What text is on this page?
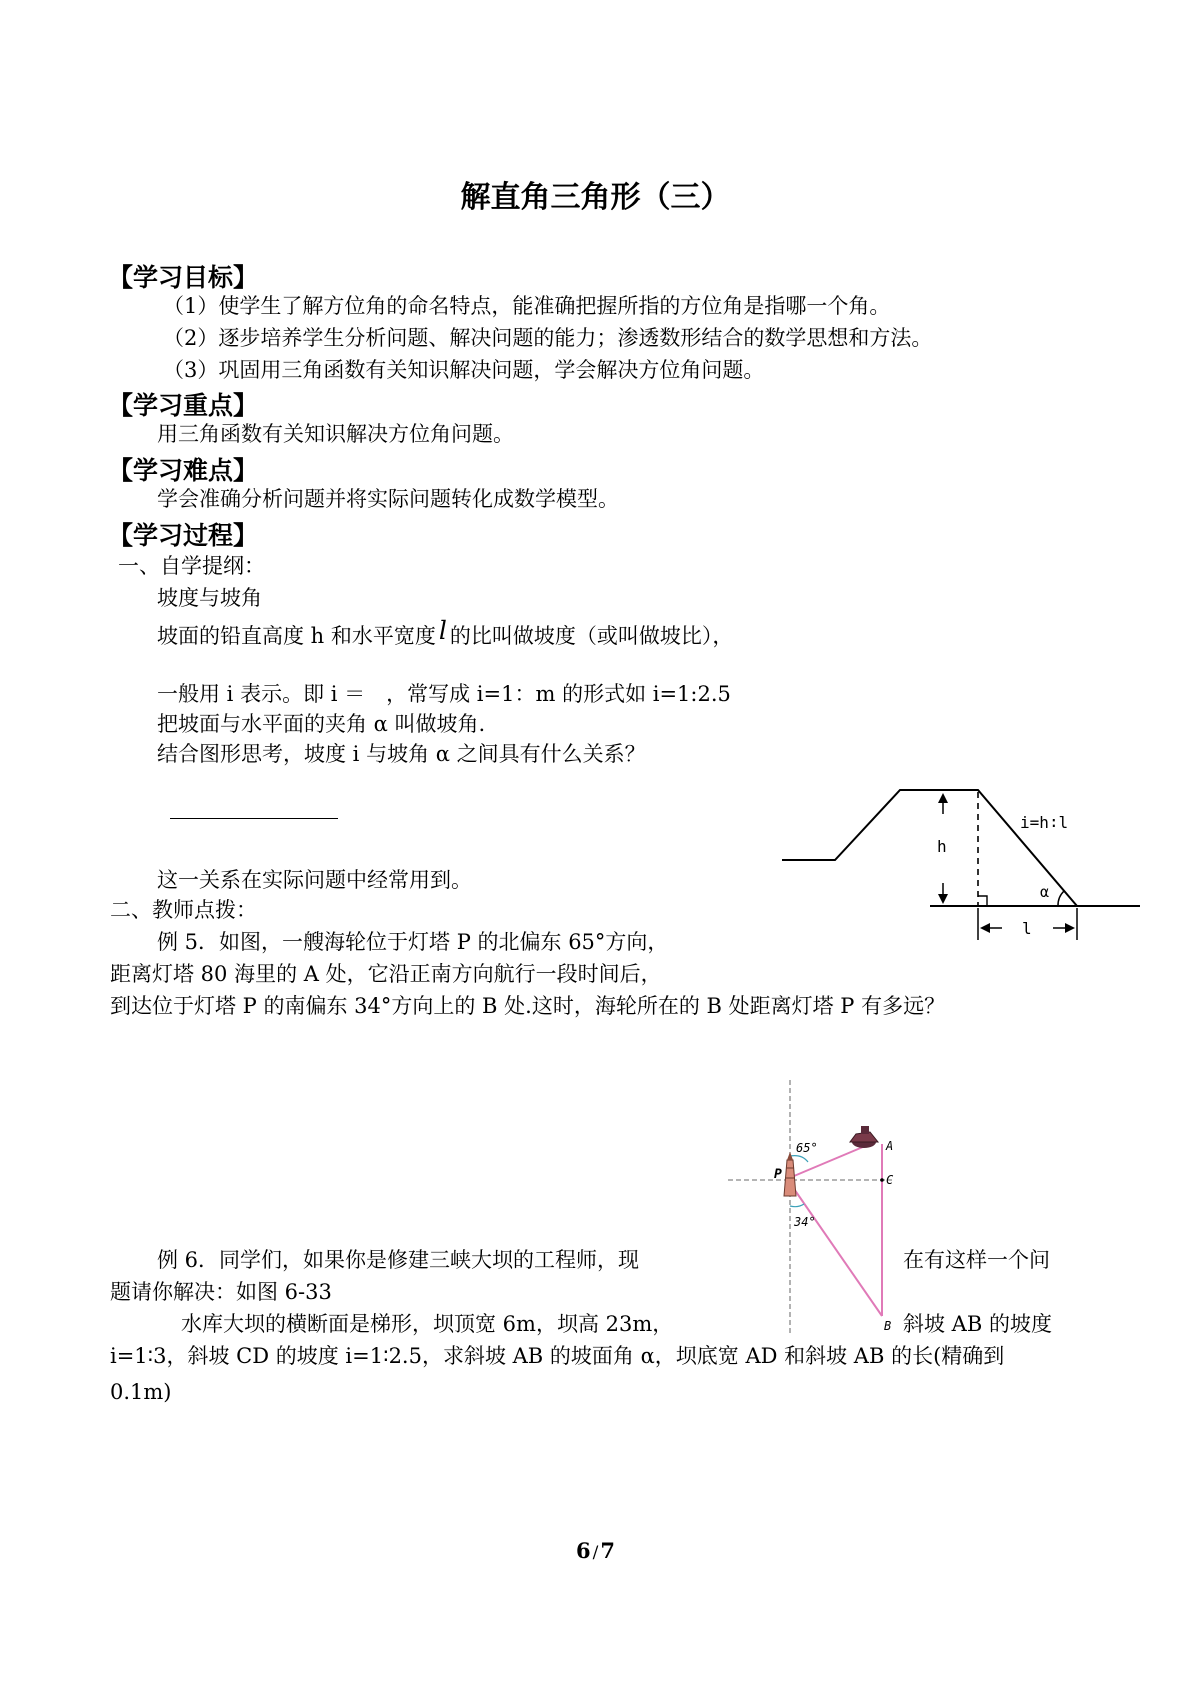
解直角三角形（三）
【学习目标】
（1）使学生了解方位角的命名特点，能准确把握所指的方位角是指哪一个角。
（2）逐步培养学生分析问题、解决问题的能力；渗透数形结合的数学思想和方法。
（3）巩固用三角函数有关知识解决问题，学会解决方位角问题。
【学习重点】
用三角函数有关知识解决方位角问题。
【学习难点】
学会准确分析问题并将实际问题转化成数学模型。
【学习过程】
一、自学提纲：
坡度与坡角
坡面的铅直高度 h 和水平宽度 l 的比叫做坡度（或叫做坡比），
一般用 i 表示。即 i ＝　，常写成 i=1：m 的形式如 i=1:2.5
把坡面与水平面的夹角 α 叫做坡角.
结合图形思考，坡度 i 与坡角 α 之间具有什么关系？
这一关系在实际问题中经常用到。
二、教师点拨：
例 5．如图，一艘海轮位于灯塔 P 的北偏东 65°方向，
距离灯塔 80 海里的 A 处，它沿正南方向航行一段时间后，
到达位于灯塔 P 的南偏东 34°方向上的 B 处.这时，海轮所在的 B 处距离灯塔 P 有多远？
例 6．同学们，如果你是修建三峡大坝的工程师，现	在有这样一个问
题请你解决：如图 6-33
水库大坝的横断面是梯形，坝顶宽 6m，坝高 23m，	斜坡 AB 的坡度
i=1∶3，斜坡 CD 的坡度 i=1∶2.5，求斜坡 AB 的坡面角 α，坝底宽 AD 和斜坡 AB 的长(精确到
0.1m)
i=h∶l
h
α
l
65°
34°
P
A
C
B
6 /7
